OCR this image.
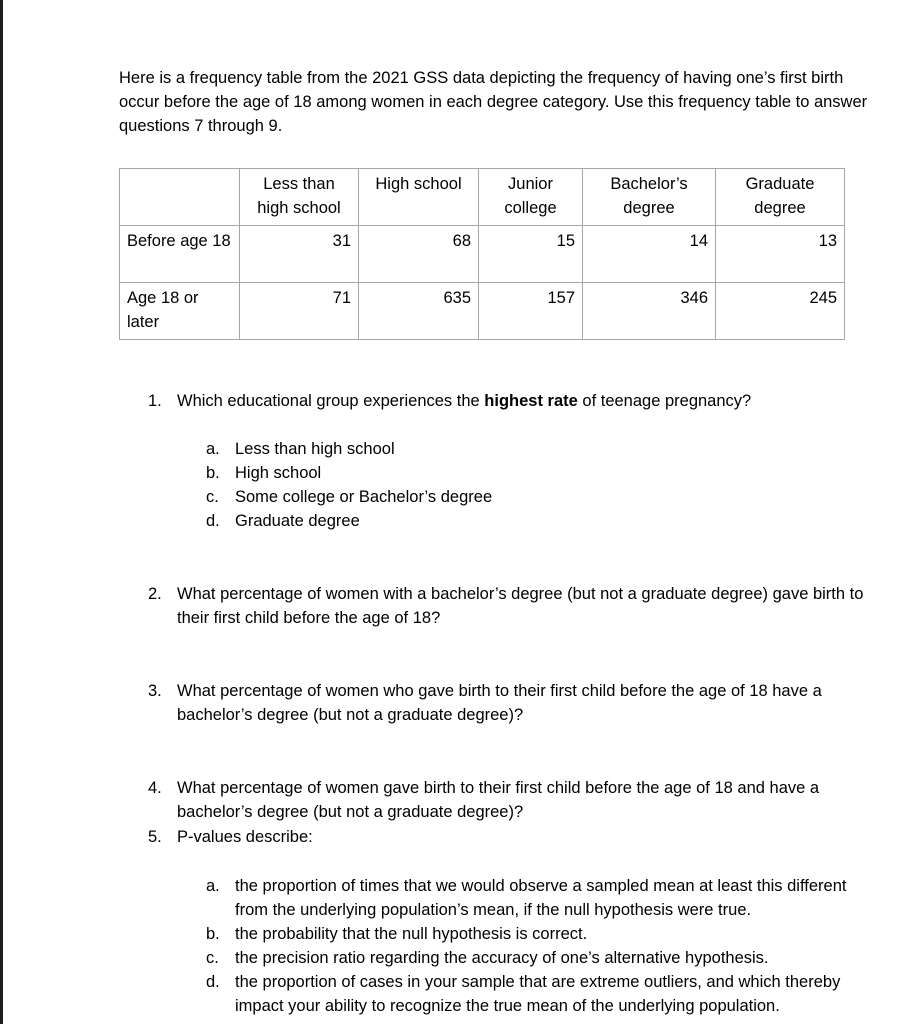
Here is a frequency table from the 2021 GSS data depicting the frequency of having one’s first birth occur before the age of 18 among women in each degree category. Use this frequency table to answer questions 7 through 9.

	Less than high school	High school	Junior college	Bachelor’s degree	Graduate degree
Before age 18	31	68	15	14	13
Age 18 or later	71	635	157	346	245
1. Which educational group experiences the highest rate of teenage pregnancy?
a. Less than high school
b. High school
c. Some college or Bachelor’s degree
d. Graduate degree
2. What percentage of women with a bachelor’s degree (but not a graduate degree) gave birth to their first child before the age of 18?
3. What percentage of women who gave birth to their first child before the age of 18 have a bachelor’s degree (but not a graduate degree)?
4. What percentage of women gave birth to their first child before the age of 18 and have a bachelor’s degree (but not a graduate degree)?
5. P-values describe:
a. the proportion of times that we would observe a sampled mean at least this different from the underlying population’s mean, if the null hypothesis were true.
b. the probability that the null hypothesis is correct.
c. the precision ratio regarding the accuracy of one’s alternative hypothesis.
d. the proportion of cases in your sample that are extreme outliers, and which thereby impact your ability to recognize the true mean of the underlying population.
